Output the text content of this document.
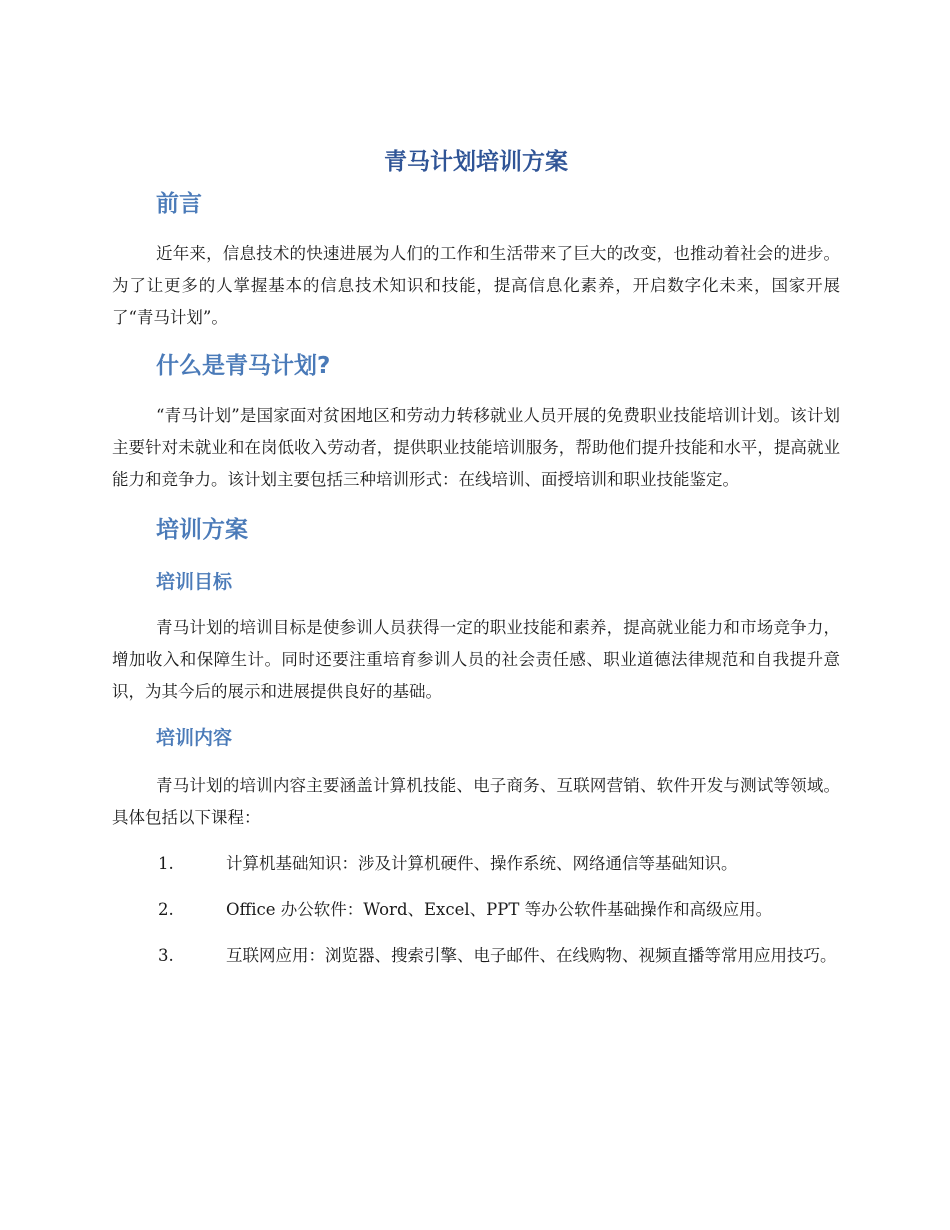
青马计划培训方案
前言

近年来，信息技术的快速进展为人们的工作和生活带来了巨大的改变，也推动着社会的进步。为了让更多的人掌握基本的信息技术知识和技能，提高信息化素养，开启数字化未来，国家开展了“青马计划”。

什么是青马计划?

“青马计划”是国家面对贫困地区和劳动力转移就业人员开展的免费职业技能培训计划。该计划主要针对未就业和在岗低收入劳动者，提供职业技能培训服务，帮助他们提升技能和水平，提高就业能力和竞争力。该计划主要包括三种培训形式：在线培训、面授培训和职业技能鉴定。

培训方案
培训目标

青马计划的培训目标是使参训人员获得一定的职业技能和素养，提高就业能力和市场竞争力，增加收入和保障生计。同时还要注重培育参训人员的社会责任感、职业道德法律规范和自我提升意识，为其今后的展示和进展提供良好的基础。

培训内容

青马计划的培训内容主要涵盖计算机技能、电子商务、互联网营销、软件开发与测试等领域。具体包括以下课程：

1.	计算机基础知识：涉及计算机硬件、操作系统、网络通信等基础知识。

2.	Office 办公软件：Word、Excel、PPT 等办公软件基础操作和高级应用。

3.	互联网应用：浏览器、搜索引擎、电子邮件、在线购物、视频直播等常用应用技巧。
